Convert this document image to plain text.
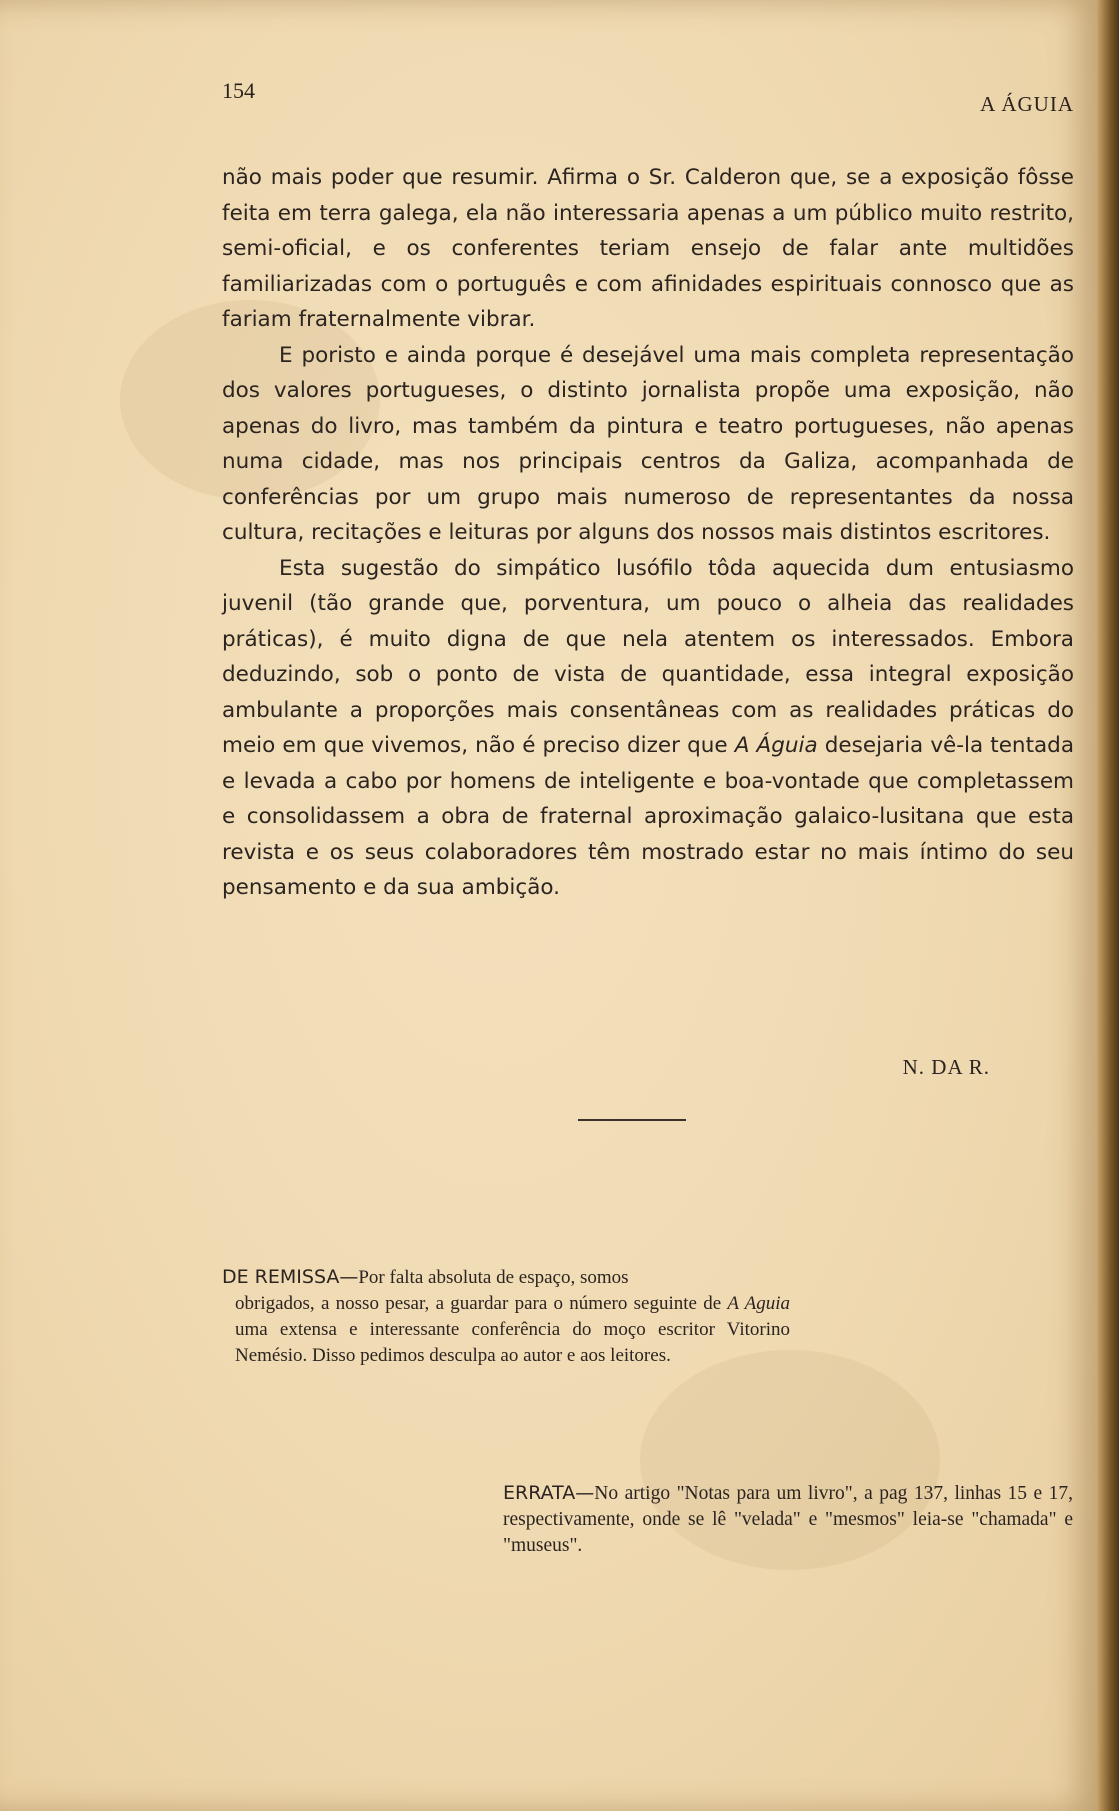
154
A ÁGUIA

não mais poder que resumir. Afirma o Sr. Calderon que, se a exposição fôsse feita em terra galega, ela não interessaria apenas a um público muito restrito, semi-oficial, e os conferentes teriam ensejo de falar ante multidões familiarizadas com o português e com afinidades espirituais connosco que as fariam fraternalmente vibrar.

E poristo e ainda porque é desejável uma mais completa representação dos valores portugueses, o distinto jornalista propõe uma exposição, não apenas do livro, mas também da pintura e teatro portugueses, não apenas numa cidade, mas nos principais centros da Galiza, acompanhada de conferências por um grupo mais numeroso de representantes da nossa cultura, recitações e leituras por alguns dos nossos mais distintos escritores.

Esta sugestão do simpático lusófilo tôda aquecida dum entusiasmo juvenil (tão grande que, porventura, um pouco o alheia das realidades práticas), é muito digna de que nela atentem os interessados. Embora deduzindo, sob o ponto de vista de quantidade, essa integral exposição ambulante a proporções mais consentâneas com as realidades práticas do meio em que vivemos, não é preciso dizer que A Águia desejaria vê-la tentada e levada a cabo por homens de inteligente e boa-vontade que completassem e consolidassem a obra de fraternal aproximação galaico-lusitana que esta revista e os seus colaboradores têm mostrado estar no mais íntimo do seu pensamento e da sua ambição.

N. DA R.
DE REMISSA—Por falta absoluta de espaço, somos
obrigados, a nosso pesar, a guardar para o número seguinte de A Aguia uma extensa e interessante conferência do moço escritor Vitorino Nemésio. Disso pedimos desculpa ao autor e aos leitores.
ERRATA—No artigo "Notas para um livro", a pag 137, linhas 15 e 17, respectivamente, onde se lê "velada" e "mesmos" leia-se "chamada" e "museus".
